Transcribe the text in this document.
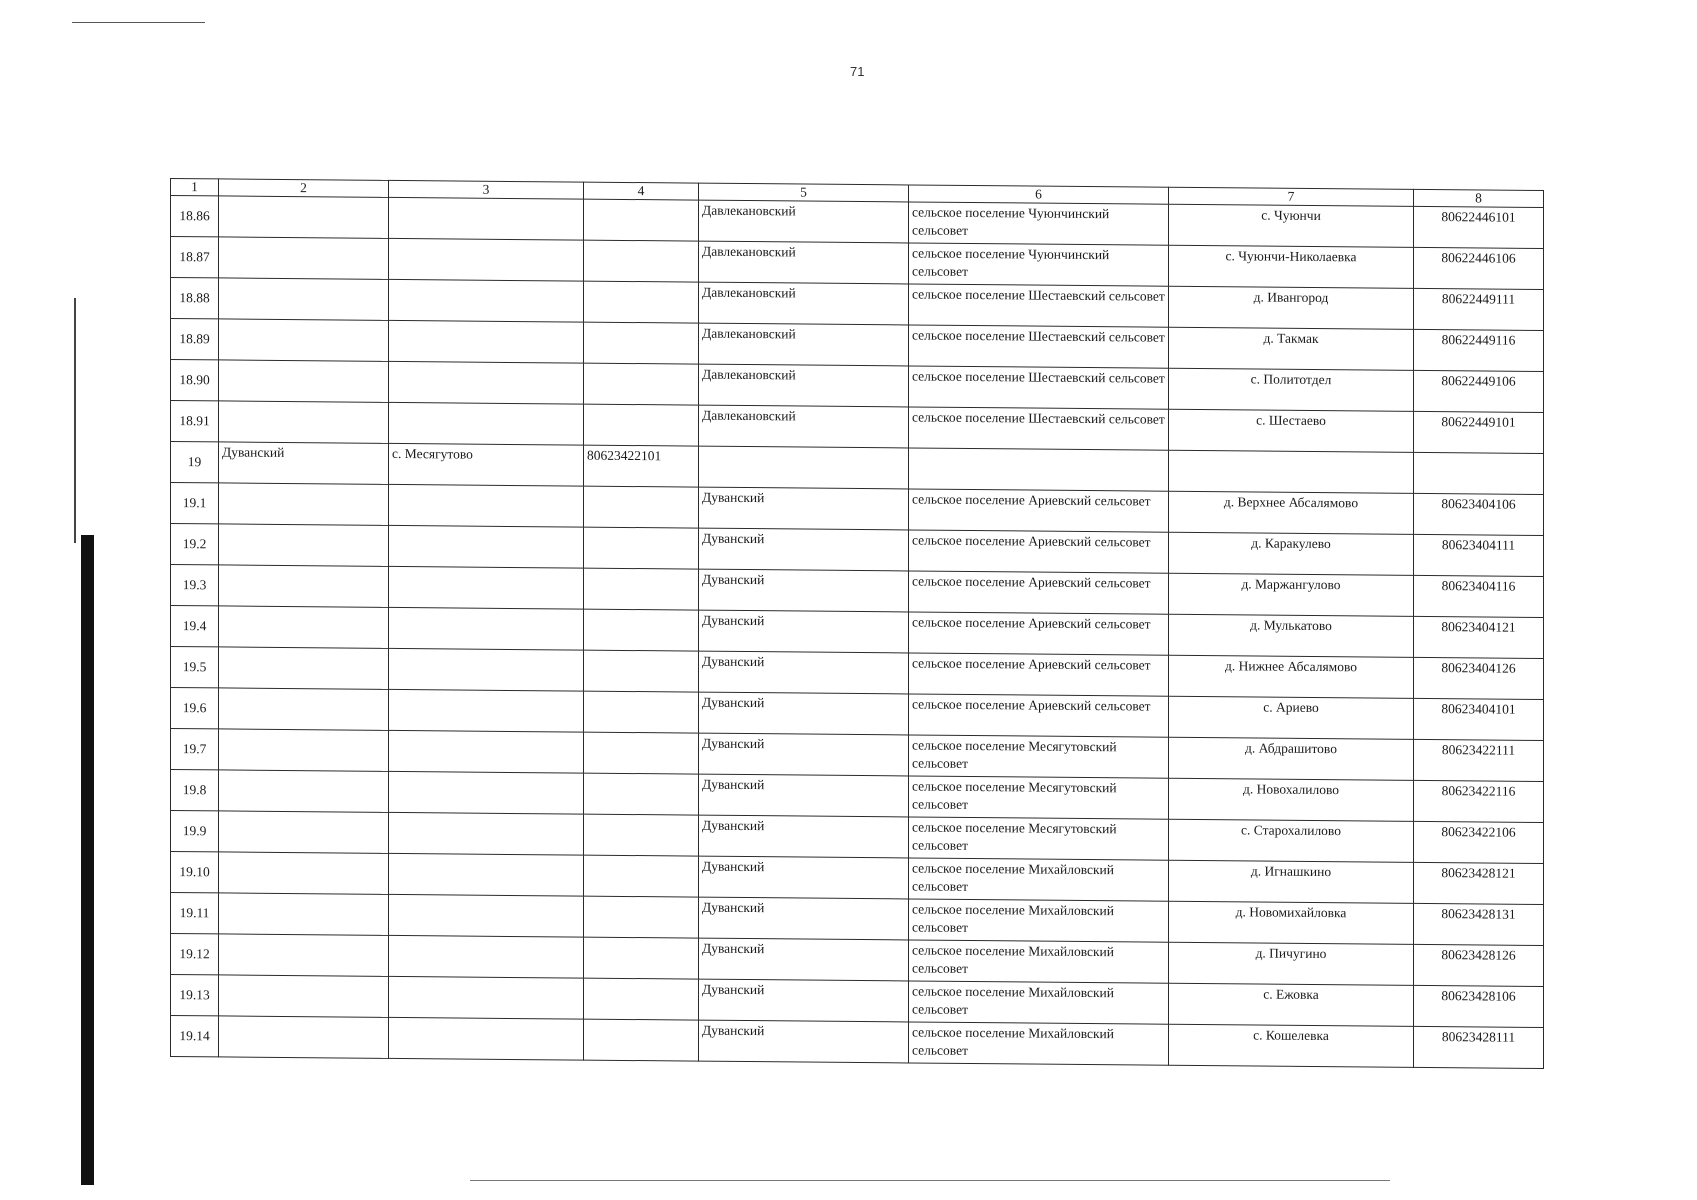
71
1	2	3	4	5	6	7	8
18.86				Давлекановский	сельское поселение Чуюнчинский сельсовет	с. Чуюнчи	80622446101
18.87				Давлекановский	сельское поселение Чуюнчинский сельсовет	с. Чуюнчи-Николаевка	80622446106
18.88				Давлекановский	сельское поселение Шестаевский сельсовет	д. Ивангород	80622449111
18.89				Давлекановский	сельское поселение Шестаевский сельсовет	д. Такмак	80622449116
18.90				Давлекановский	сельское поселение Шестаевский сельсовет	с. Политотдел	80622449106
18.91				Давлекановский	сельское поселение Шестаевский сельсовет	с. Шестаево	80622449101
19	Дуванский	с. Месягутово	80623422101				
19.1				Дуванский	сельское поселение Ариевский сельсовет	д. Верхнее Абсалямово	80623404106
19.2				Дуванский	сельское поселение Ариевский сельсовет	д. Каракулево	80623404111
19.3				Дуванский	сельское поселение Ариевский сельсовет	д. Маржангулово	80623404116
19.4				Дуванский	сельское поселение Ариевский сельсовет	д. Мулькатово	80623404121
19.5				Дуванский	сельское поселение Ариевский сельсовет	д. Нижнее Абсалямово	80623404126
19.6				Дуванский	сельское поселение Ариевский сельсовет	с. Ариево	80623404101
19.7				Дуванский	сельское поселение Месягутовский сельсовет	д. Абдрашитово	80623422111
19.8				Дуванский	сельское поселение Месягутовский сельсовет	д. Новохалилово	80623422116
19.9				Дуванский	сельское поселение Месягутовский сельсовет	с. Старохалилово	80623422106
19.10				Дуванский	сельское поселение Михайловский сельсовет	д. Игнашкино	80623428121
19.11				Дуванский	сельское поселение Михайловский сельсовет	д. Новомихайловка	80623428131
19.12				Дуванский	сельское поселение Михайловский сельсовет	д. Пичугино	80623428126
19.13				Дуванский	сельское поселение Михайловский сельсовет	с. Ежовка	80623428106
19.14				Дуванский	сельское поселение Михайловский сельсовет	с. Кошелевка	80623428111
